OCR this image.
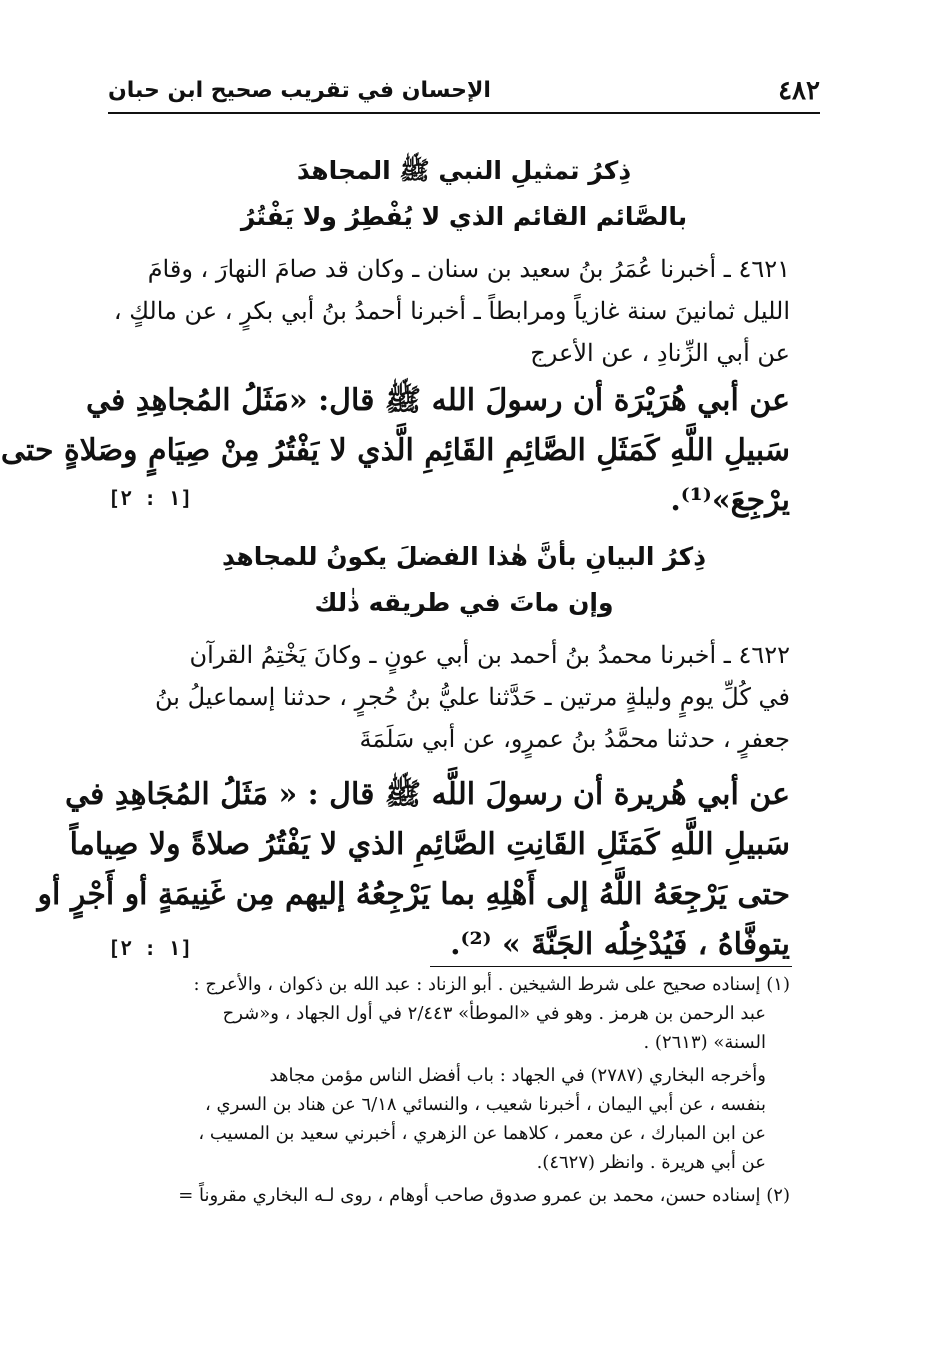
٤٨٢
الإحسان في تقريب صحيح ابن حبان
ذِكرُ تمثيلِ النبي ﷺ المجاهدَ
بالصَّائم القائم الذي لا يُفْطِرُ ولا يَفْتُرُ
٤٦٢١ ـ أخبرنا عُمَرُ بنُ سعيد بن سنان ـ وكان قد صامَ النهارَ ، وقامَ
الليل ثمانينَ سنة غازياً ومرابطاً ـ أخبرنا أحمدُ بنُ أبي بكرٍ ، عن مالكٍ ،
عن أبي الزِّنادِ ، عن الأعرج
عن أبي هُرَيْرَة أن رسولَ الله ﷺ قال: «مَثَلُ المُجاهِدِ في
سَبيلِ اللَّهِ كَمَثَلِ الصَّائِمِ القَائِمِ الَّذي لا يَفْتُرُ مِنْ صِيَامٍ وصَلاةٍ حتى
يرْجِعَ»⁽¹⁾.
[١ : ٢]
ذِكرُ البيانِ بأنَّ هٰذا الفضلَ يكونُ للمجاهدِ
وإن ماتَ في طريقه ذٰلك
٤٦٢٢ ـ أخبرنا محمدُ بنُ أحمد بن أبي عونٍ ـ وكانَ يَخْتِمُ القرآن
في كُلِّ يومٍ وليلةٍ مرتين ـ حَدَّثنا عليُّ بنُ حُجرٍ ، حدثنا إسماعيلُ بنُ
جعفرٍ ، حدثنا محمَّدُ بنُ عمرٍو، عن أبي سَلَمَةَ
عن أبي هُريرة أن رسولَ اللَّه ﷺ قال : « مَثَلُ المُجَاهِدِ في
سَبيلِ اللَّهِ كَمَثَلِ القَانِتِ الصَّائِمِ الذي لا يَفْتُرُ صلاةً ولا صِياماً
حتى يَرْجِعَهُ اللَّهُ إلى أَهْلِهِ بما يَرْجِعُهُ إليهم مِن غَنِيمَةٍ أو أَجْرٍ أو
يتوفَّاهُ ، فَيُدْخِلُه الجَنَّةَ » ⁽²⁾.
[١ : ٢]
(١) إسناده صحيح على شرط الشيخين . أبو الزناد : عبد الله بن ذكوان ، والأعرج :
عبد الرحمن بن هرمز . وهو في «الموطأ» ٢/٤٤٣ في أول الجهاد ، و«شرح
السنة» (٢٦١٣) .
وأخرجه البخاري (٢٧٨٧) في الجهاد : باب أفضل الناس مؤمن مجاهد
بنفسه ، عن أبي اليمان ، أخبرنا شعيب ، والنسائي ٦/١٨ عن هناد بن السري ،
عن ابن المبارك ، عن معمر ، كلاهما عن الزهري ، أخبرني سعيد بن المسيب ،
عن أبي هريرة . وانظر (٤٦٢٧).
(٢) إسناده حسن، محمد بن عمرو صدوق صاحب أوهام ، روى لـه البخاري مقروناً =
